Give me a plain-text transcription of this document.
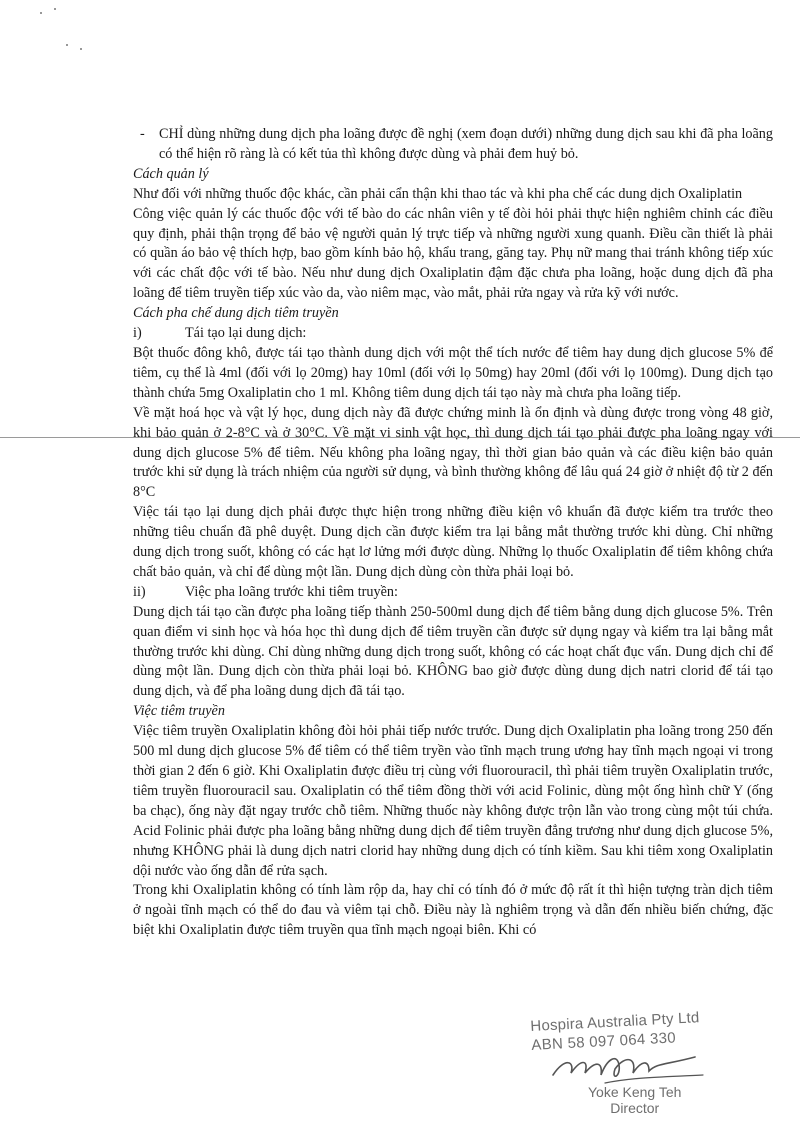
- CHỈ dùng những dung dịch pha loãng được đề nghị (xem đoạn dưới) những dung dịch sau khi đã pha loãng có thể hiện rõ ràng là có kết tủa thì không được dùng và phải đem huỷ bỏ.

Cách quản lý

Như đối với những thuốc độc khác, cần phải cẩn thận khi thao tác và khi pha chế các dung dịch Oxaliplatin

Công việc quản lý các thuốc độc với tế bào do các nhân viên y tế đòi hỏi phải thực hiện nghiêm chỉnh các điều quy định, phải thận trọng để bảo vệ người quản lý trực tiếp và những người xung quanh. Điều cần thiết là phải có quần áo bảo vệ thích hợp, bao gồm kính bảo hộ, khẩu trang, găng tay. Phụ nữ mang thai tránh không tiếp xúc với các chất độc với tế bào. Nếu như dung dịch Oxaliplatin đậm đặc chưa pha loãng, hoặc dung dịch đã pha loãng để tiêm truyền tiếp xúc vào da, vào niêm mạc, vào mắt, phải rửa ngay và rửa kỹ với nước.

Cách pha chế dung dịch tiêm truyền

i)	Tái tạo lại dung dịch:

Bột thuốc đông khô, được tái tạo thành dung dịch với một thể tích nước để tiêm hay dung dịch glucose 5% để tiêm, cụ thể là 4ml (đối với lọ 20mg) hay 10ml (đối với lọ 50mg) hay 20ml (đối với lọ 100mg). Dung dịch tạo thành chứa 5mg Oxaliplatin cho 1 ml. Không tiêm dung dịch tái tạo này mà chưa pha loãng tiếp.

Về mặt hoá học và vật lý học, dung dịch này đã được chứng minh là ổn định và dùng được trong vòng 48 giờ, khi bảo quản ở 2-8°C và ở 30°C. Về mặt vi sinh vật học, thì dung dịch tái tạo phải được pha loãng ngay với dung dịch glucose 5% để tiêm. Nếu không pha loãng ngay, thì thời gian bảo quản và các điều kiện bảo quản trước khi sử dụng là trách nhiệm của người sử dụng, và bình thường không để lâu quá 24 giờ ở nhiệt độ từ 2 đến 8°C

Việc tái tạo lại dung dịch phải được thực hiện trong những điều kiện vô khuẩn đã được kiểm tra trước theo những tiêu chuẩn đã phê duyệt. Dung dịch cần được kiểm tra lại bằng mắt thường trước khi dùng. Chỉ những dung dịch trong suốt, không có các hạt lơ lửng mới được dùng. Những lọ thuốc Oxaliplatin để tiêm không chứa chất bảo quản, và chỉ để dùng một lần. Dung dịch dùng còn thừa phải loại bỏ.

ii)	Việc pha loãng trước khi tiêm truyền:

Dung dịch tái tạo cần được pha loãng tiếp thành 250-500ml dung dịch để tiêm bằng dung dịch glucose 5%. Trên quan điểm vi sinh học và hóa học thì dung dịch để tiêm truyền cần được sử dụng ngay và kiểm tra lại bằng mắt thường trước khi dùng. Chỉ dùng những dung dịch trong suốt, không có các hoạt chất đục vẩn. Dung dịch chỉ để dùng một lần. Dung dịch còn thừa phải loại bỏ. KHÔNG bao giờ được dùng dung dịch natri clorid để tái tạo dung dịch, và để pha loãng dung dịch đã tái tạo.

Việc tiêm truyền

Việc tiêm truyền Oxaliplatin không đòi hỏi phải tiếp nước trước. Dung dịch Oxaliplatin pha loãng trong 250 đến 500 ml dung dịch glucose 5% để tiêm có thể tiêm tryền vào tĩnh mạch trung ương hay tĩnh mạch ngoại vi trong thời gian 2 đến 6 giờ. Khi Oxaliplatin được điều trị cùng với fluorouracil, thì phải tiêm truyền Oxaliplatin trước, tiêm truyền fluorouracil sau. Oxaliplatin có thể tiêm đồng thời với acid Folinic, dùng một ống hình chữ Y (ống ba chạc), ống này đặt ngay trước chỗ tiêm. Những thuốc này không được trộn lẫn vào trong cùng một túi chứa. Acid Folinic phải được pha loãng bằng những dung dịch để tiêm truyền đẳng trương như dung dịch glucose 5%, nhưng KHÔNG phải là dung dịch natri clorid hay những dung dịch có tính kiềm. Sau khi tiêm xong Oxaliplatin dội nước vào ống dẫn để rửa sạch.

Trong khi Oxaliplatin không có tính làm rộp da, hay chỉ có tính đó ở mức độ rất ít thì hiện tượng tràn dịch tiêm ở ngoài tĩnh mạch có thể do đau và viêm tại chỗ. Điều này là nghiêm trọng và dẫn đến nhiều biến chứng, đặc biệt khi Oxaliplatin được tiêm truyền qua tĩnh mạch ngoại biên. Khi có

Hospira Australia Pty Ltd
ABN 58 097 064 330
Yoke Keng Teh
Director
